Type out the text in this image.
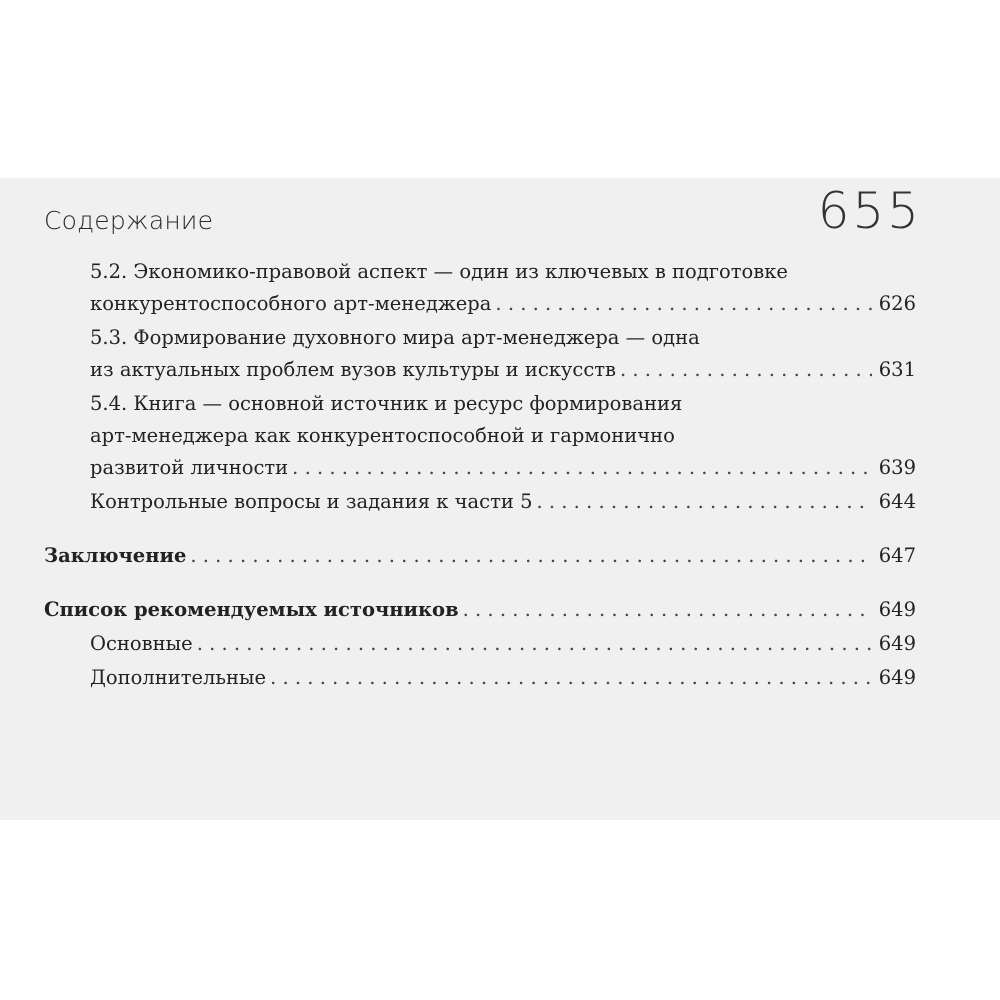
Содержание	655
5.2. Экономико-правовой аспект — один из ключевых в подготовке
конкурентоспособного арт-менеджера . . .	626
5.3. Формирование духовного мира арт-менеджера — одна
из актуальных проблем вузов культуры и искусств . . .	631
5.4. Книга — основной источник и ресурс формирования
арт-менеджера как конкурентоспособной и гармонично
развитой личности . . .	639
Контрольные вопросы и задания к части 5 . . .	644
Заключение . . .	647
Список рекомендуемых источников . . .	649
Основные . . .	649
Дополнительные . . .	649
